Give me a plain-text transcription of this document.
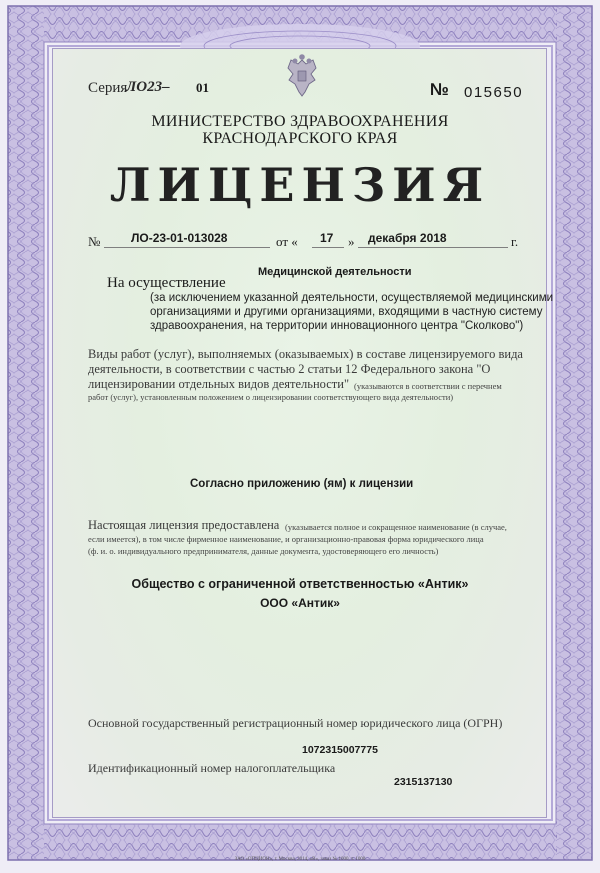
Серия
ЛО23– 01	№ 015650
МИНИСТЕРСТВО ЗДРАВООХРАНЕНИЯ
КРАСНОДАРСКОГО КРАЯ
ЛИЦЕНЗИЯ
№	ЛО-23-01-013028	от « 17 » декабря 2018	г.
На осуществление
Медицинской деятельности
(за исключением указанной деятельности, осуществляемой медицинскими
организациями и другими организациями, входящими в частную систему
здравоохранения, на территории инновационного центра "Сколково")
Виды работ (услуг), выполняемых (оказываемых) в составе лицензируемого вида
деятельности, в соответствии с частью 2 статьи 12 Федерального закона "О
лицензировании отдельных видов деятельности" (указываются в соответствии с перечнем
работ (услуг), установленным положением о лицензировании соответствующего вида деятельности)
Согласно приложению (ям) к лицензии
Настоящая лицензия предоставлена (указывается полное и сокращенное наименование (в случае,
если имеется), в том числе фирменное наименование, и организационно-правовая форма юридического лица
(ф. и. о. индивидуального предпринимателя, данные документа, удостоверяющего его личность)
Общество с ограниченной ответственностью «Антик»
ООО «Антик»
Основной государственный регистрационный номер юридического лица (ОГРН)
1072315007775
Идентификационный номер налогоплательщика
2315137130
ЗАО «ОПЦИОН», г. Москва, 2014, «В», заказ № 1000, т. 1000
